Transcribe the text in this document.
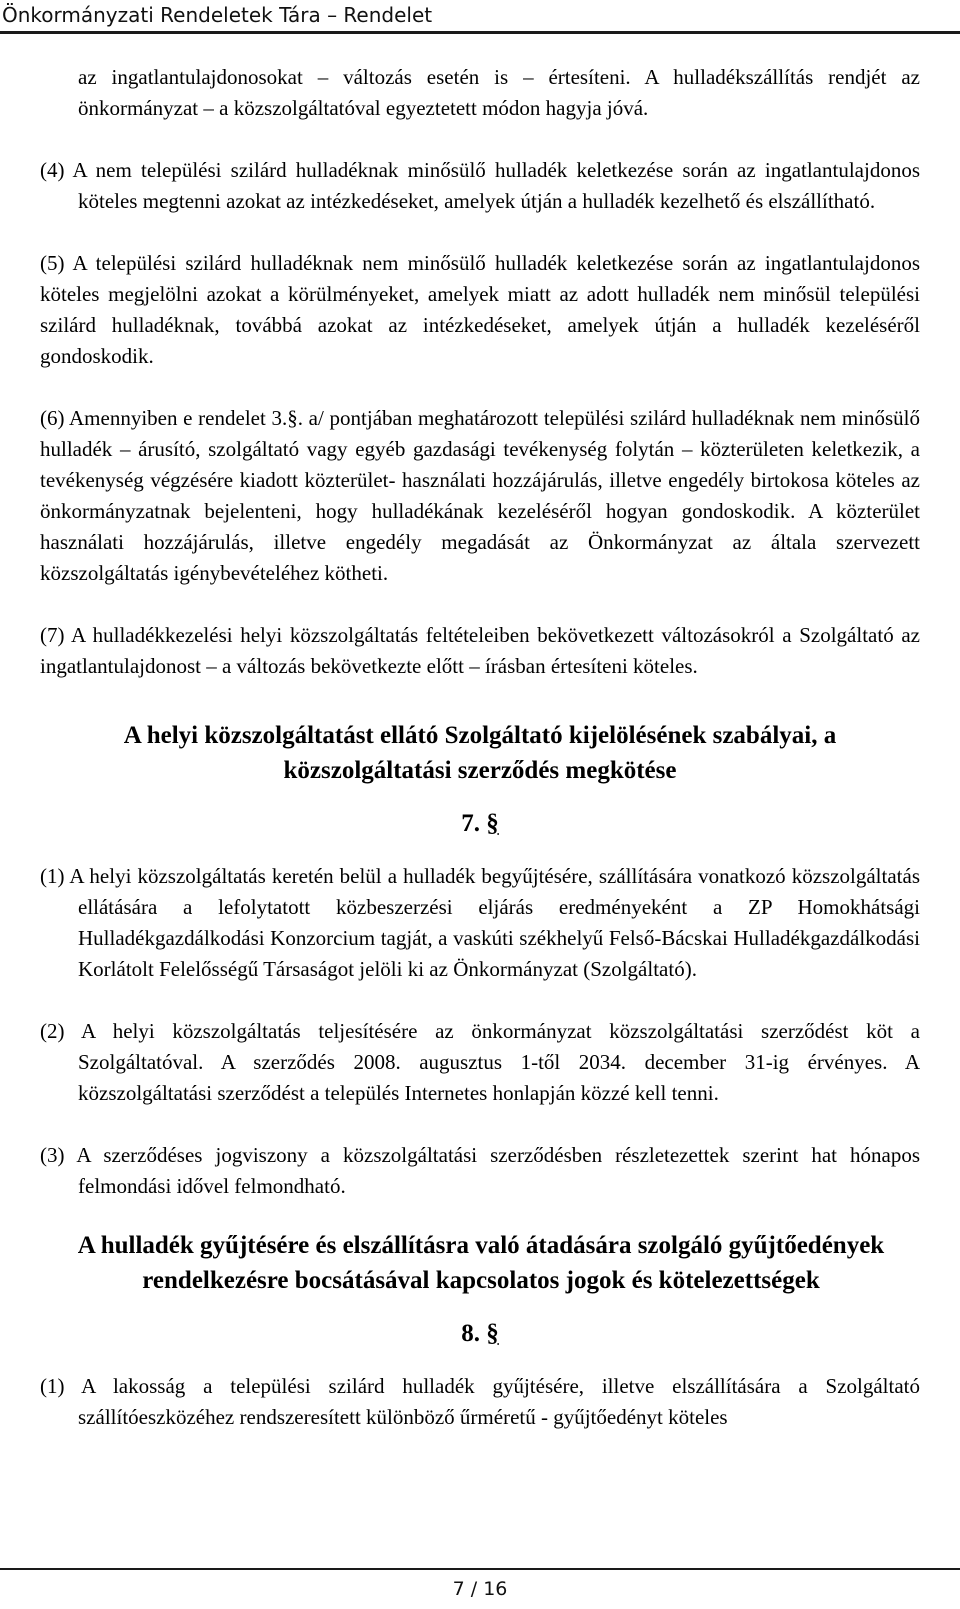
Önkormányzati Rendeletek Tára – Rendelet

az ingatlantulajdonosokat – változás esetén is – értesíteni. A hulladékszállítás rendjét az önkormányzat – a közszolgáltatóval egyeztetett módon hagyja jóvá.

(4) A nem települési szilárd hulladéknak minősülő hulladék keletkezése során az ingatlantulajdonos köteles megtenni azokat az intézkedéseket, amelyek útján a hulladék kezelhető és elszállítható.

(5) A települési szilárd hulladéknak nem minősülő hulladék keletkezése során az ingatlantulajdonos köteles megjelölni azokat a körülményeket, amelyek miatt az adott hulladék nem minősül települési szilárd hulladéknak, továbbá azokat az intézkedéseket, amelyek útján a hulladék kezeléséről gondoskodik.

(6) Amennyiben e rendelet 3.§. a/ pontjában meghatározott települési szilárd hulladéknak nem minősülő hulladék – árusító, szolgáltató vagy egyéb gazdasági tevékenység folytán – közterületen keletkezik, a tevékenység végzésére kiadott közterület- használati hozzájárulás, illetve engedély birtokosa köteles az önkormányzatnak bejelenteni, hogy hulladékának kezeléséről hogyan gondoskodik. A közterület használati hozzájárulás, illetve engedély megadását az Önkormányzat az általa szervezett közszolgáltatás igénybevételéhez kötheti.

(7) A hulladékkezelési helyi közszolgáltatás feltételeiben bekövetkezett változásokról a Szolgáltató az ingatlantulajdonost – a változás bekövetkezte előtt – írásban értesíteni köteles.

A helyi közszolgáltatást ellátó Szolgáltató kijelölésének szabályai, a közszolgáltatási szerződés megkötése
7. §

(1) A helyi közszolgáltatás keretén belül a hulladék begyűjtésére, szállítására vonatkozó közszolgáltatás ellátására a lefolytatott közbeszerzési eljárás eredményeként a ZP Homokhátsági Hulladékgazdálkodási Konzorcium tagját, a vaskúti székhelyű Felső-Bácskai Hulladékgazdálkodási Korlátolt Felelősségű Társaságot jelöli ki az Önkormányzat (Szolgáltató).

(2) A helyi közszolgáltatás teljesítésére az önkormányzat közszolgáltatási szerződést köt a Szolgáltatóval. A szerződés 2008. augusztus 1-től 2034. december 31-ig érvényes. A közszolgáltatási szerződést a település Internetes honlapján közzé kell tenni.

(3) A szerződéses jogviszony a közszolgáltatási szerződésben részletezettek szerint hat hónapos felmondási idővel felmondható.

A hulladék gyűjtésére és elszállításra való átadására szolgáló gyűjtőedények rendelkezésre bocsátásával kapcsolatos jogok és kötelezettségek
8. §

(1) A lakosság a települési szilárd hulladék gyűjtésére, illetve elszállítására a Szolgáltató szállítóeszközéhez rendszeresített különböző űrméretű - gyűjtőedényt köteles

7 / 16
